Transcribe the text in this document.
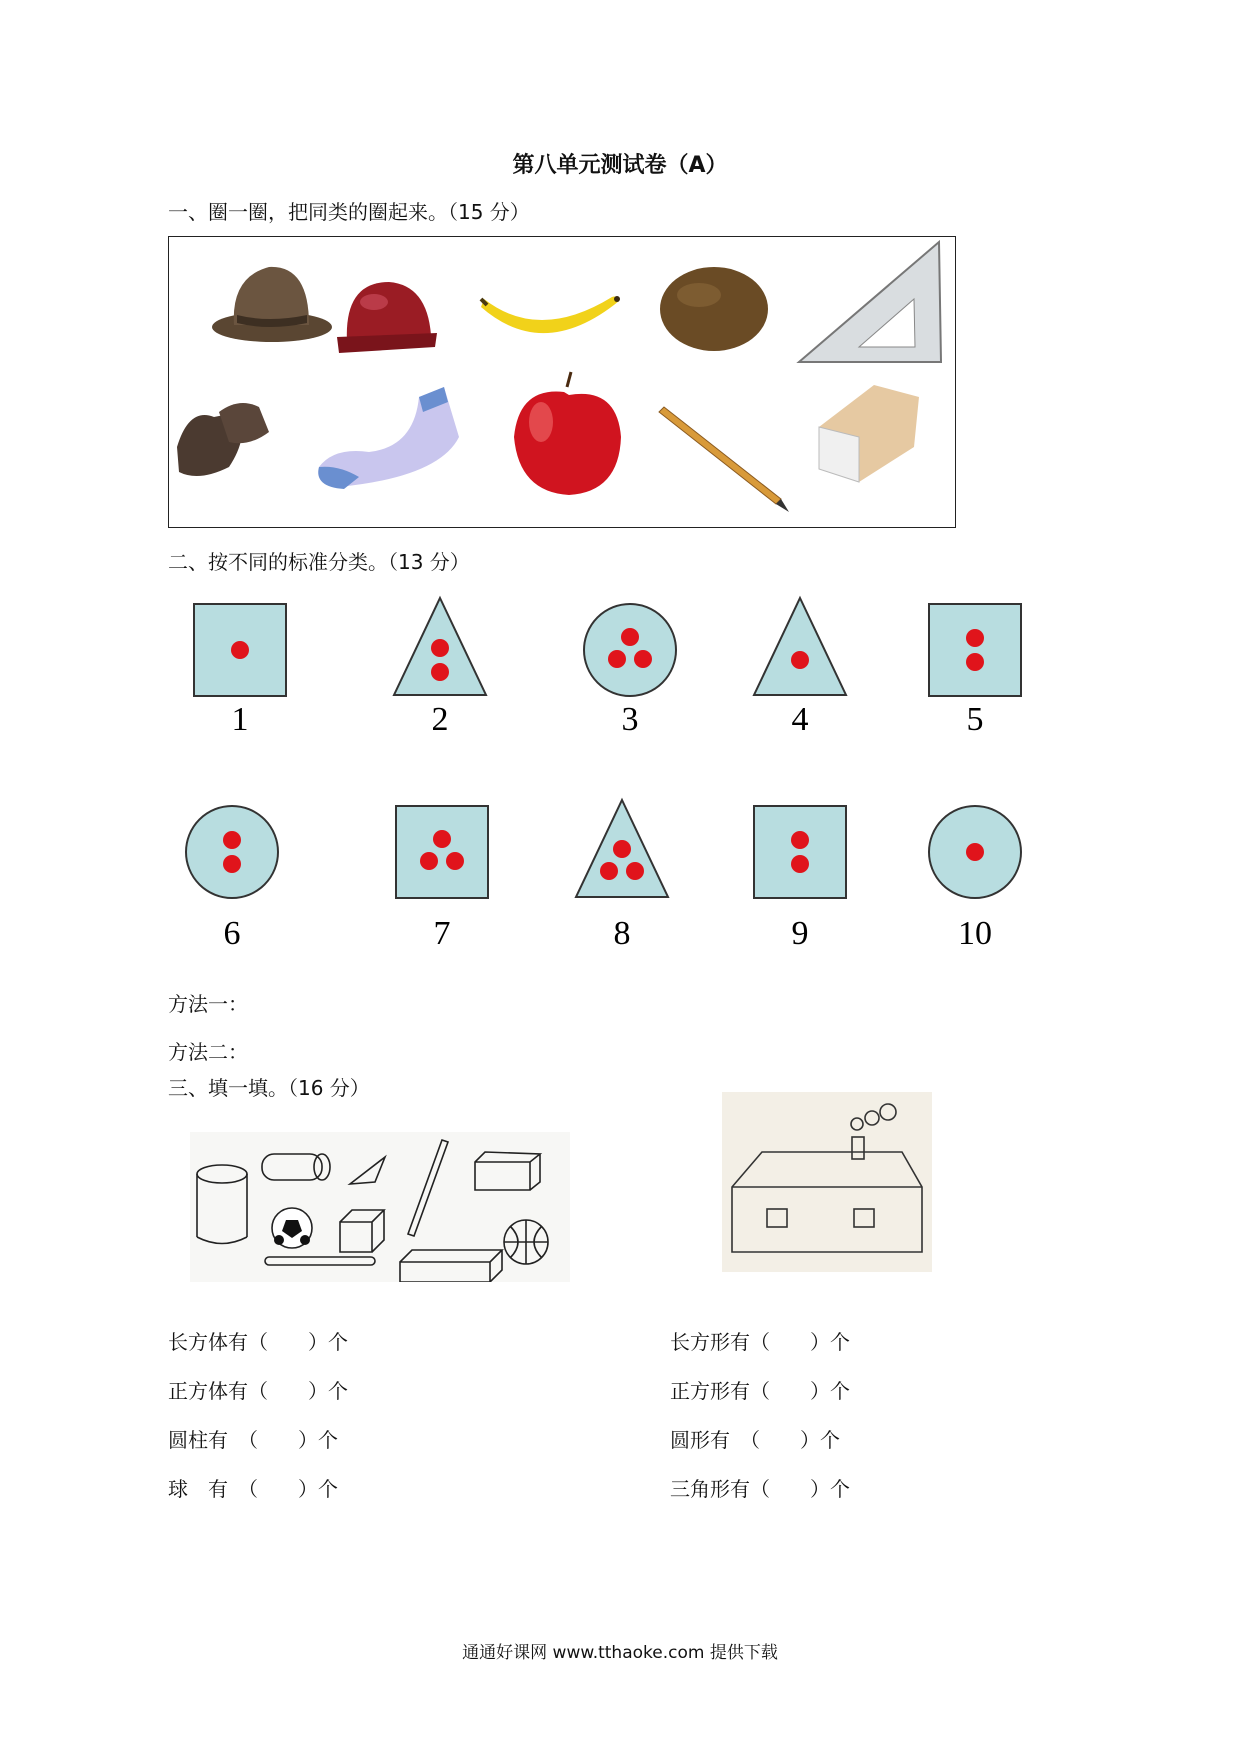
第八单元测试卷（A）
一、圈一圈，把同类的圈起来。（15 分）
二、按不同的标准分类。（13 分）
1	2	3	4	5
6	7	8	9	10
方法一：
方法二：
三、填一填。（16 分）
长方体有（　　）个
正方体有（　　）个
圆柱有　（　　）个
球　有　（　　）个
长方形有（　　）个
正方形有（　　）个
圆形有　（　　）个
三角形有（　　）个
通通好课网 www.tthaoke.com 提供下载
